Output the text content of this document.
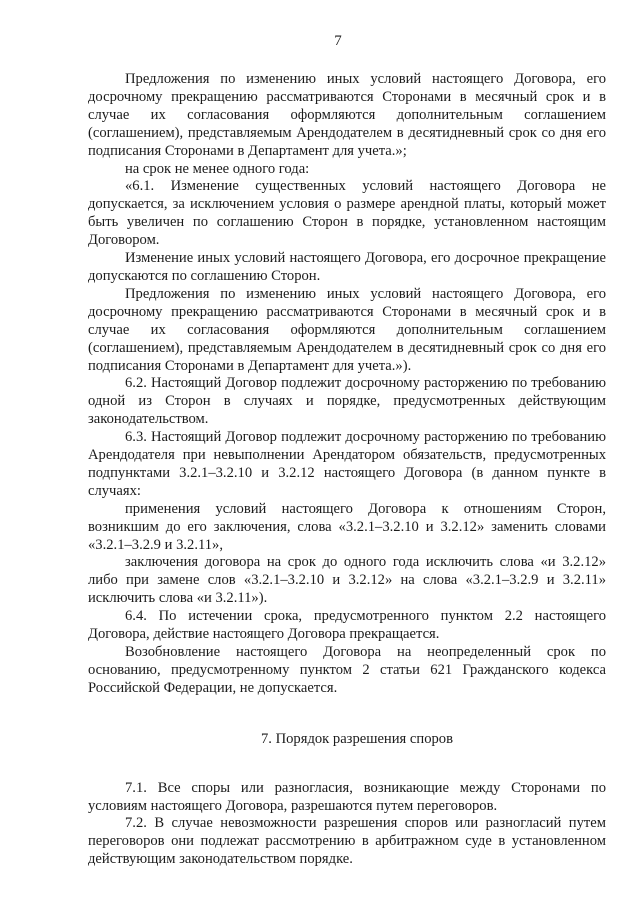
7

Предложения по изменению иных условий настоящего Договора, его досрочному прекращению рассматриваются Сторонами в месячный срок и в случае их согласования оформляются дополнительным соглашением (соглашением), представляемым Арендодателем в десятидневный срок со дня его подписания Сторонами в Департамент для учета.»;

на срок не менее одного года:

«6.1. Изменение существенных условий настоящего Договора не допускается, за исключением условия о размере арендной платы, который может быть увеличен по соглашению Сторон в порядке, установленном настоящим Договором.

Изменение иных условий настоящего Договора, его досрочное прекращение допускаются по соглашению Сторон.

Предложения по изменению иных условий настоящего Договора, его досрочному прекращению рассматриваются Сторонами в месячный срок и в случае их согласования оформляются дополнительным соглашением (соглашением), представляемым Арендодателем в десятидневный срок со дня его подписания Сторонами в Департамент для учета.»).

6.2. Настоящий Договор подлежит досрочному расторжению по требованию одной из Сторон в случаях и порядке, предусмотренных действующим законодательством.

6.3. Настоящий Договор подлежит досрочному расторжению по требованию Арендодателя при невыполнении Арендатором обязательств, предусмотренных подпунктами 3.2.1–3.2.10 и 3.2.12 настоящего Договора (в данном пункте в случаях:

применения условий настоящего Договора к отношениям Сторон, возникшим до его заключения, слова «3.2.1–3.2.10 и 3.2.12» заменить словами «3.2.1–3.2.9 и 3.2.11»,

заключения договора на срок до одного года исключить слова «и 3.2.12» либо при замене слов «3.2.1–3.2.10 и 3.2.12» на слова «3.2.1–3.2.9 и 3.2.11» исключить слова «и 3.2.11»).

6.4. По истечении срока, предусмотренного пунктом 2.2 настоящего Договора, действие настоящего Договора прекращается.

Возобновление настоящего Договора на неопределенный срок по основанию, предусмотренному пунктом 2 статьи 621 Гражданского кодекса Российской Федерации, не допускается.

7. Порядок разрешения споров

7.1. Все споры или разногласия, возникающие между Сторонами по условиям настоящего Договора, разрешаются путем переговоров.

7.2. В случае невозможности разрешения споров или разногласий путем переговоров они подлежат рассмотрению в арбитражном суде в установленном действующим законодательством порядке.
